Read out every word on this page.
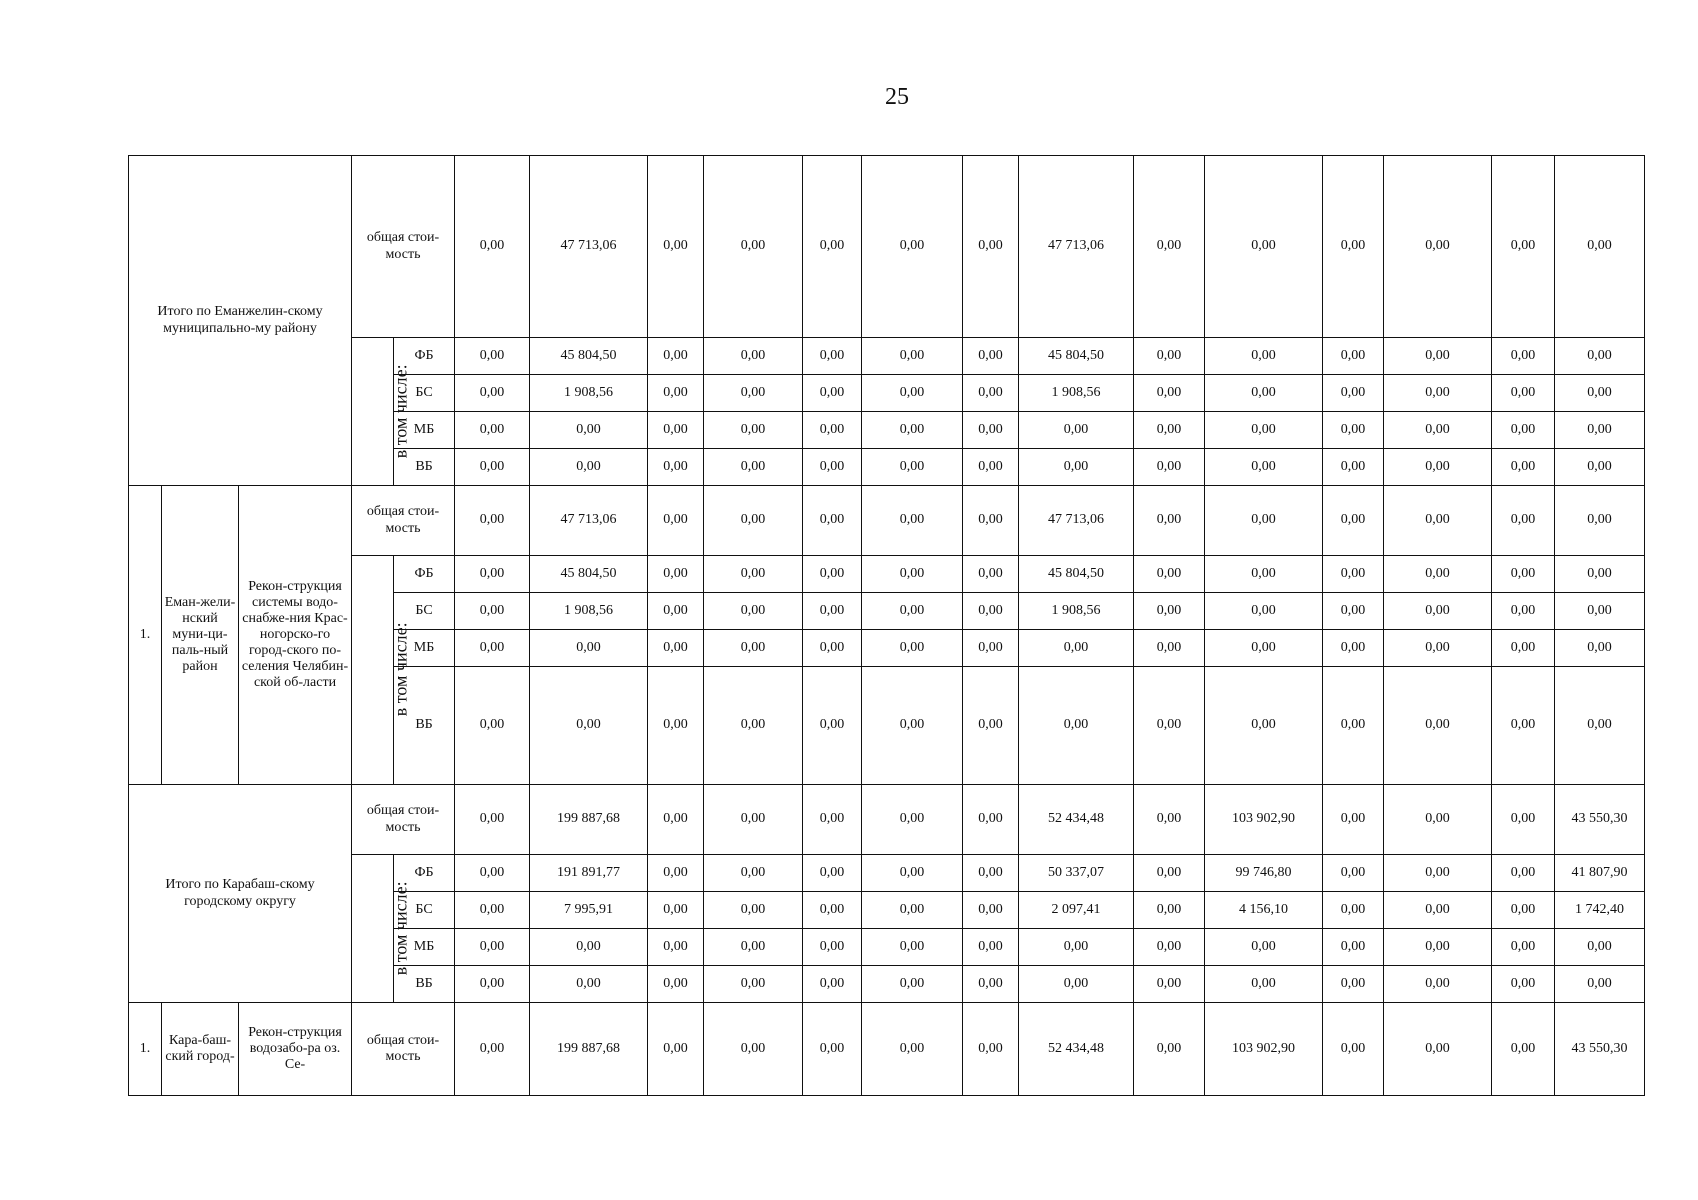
25
Итого по Еманжелин-скому муниципально-му району			общая стои-мость		0,00	47 713,06	0,00	0,00	0,00	0,00	0,00	47 713,06	0,00	0,00	0,00	0,00	0,00	0,00
			в том числе:	ФБ	0,00	45 804,50	0,00	0,00	0,00	0,00	0,00	45 804,50	0,00	0,00	0,00	0,00	0,00	0,00
				БС	0,00	1 908,56	0,00	0,00	0,00	0,00	0,00	1 908,56	0,00	0,00	0,00	0,00	0,00	0,00
				МБ	0,00	0,00	0,00	0,00	0,00	0,00	0,00	0,00	0,00	0,00	0,00	0,00	0,00	0,00
				ВБ	0,00	0,00	0,00	0,00	0,00	0,00	0,00	0,00	0,00	0,00	0,00	0,00	0,00	0,00
1.	Еман-жели-нский муни-ци-паль-ный район	Рекон-струкция системы водо-снабже-ния Крас-ногорско-го город-ского по-селения Челябин-ской об-ласти	общая стои-мость		0,00	47 713,06	0,00	0,00	0,00	0,00	0,00	47 713,06	0,00	0,00	0,00	0,00	0,00	0,00
			в том числе:	ФБ	0,00	45 804,50	0,00	0,00	0,00	0,00	0,00	45 804,50	0,00	0,00	0,00	0,00	0,00	0,00
				БС	0,00	1 908,56	0,00	0,00	0,00	0,00	0,00	1 908,56	0,00	0,00	0,00	0,00	0,00	0,00
				МБ	0,00	0,00	0,00	0,00	0,00	0,00	0,00	0,00	0,00	0,00	0,00	0,00	0,00	0,00
				ВБ	0,00	0,00	0,00	0,00	0,00	0,00	0,00	0,00	0,00	0,00	0,00	0,00	0,00	0,00
Итого по Карабаш-скому городскому округу			общая стои-мость		0,00	199 887,68	0,00	0,00	0,00	0,00	0,00	52 434,48	0,00	103 902,90	0,00	0,00	0,00	43 550,30
			в том числе:	ФБ	0,00	191 891,77	0,00	0,00	0,00	0,00	0,00	50 337,07	0,00	99 746,80	0,00	0,00	0,00	41 807,90
				БС	0,00	7 995,91	0,00	0,00	0,00	0,00	0,00	2 097,41	0,00	4 156,10	0,00	0,00	0,00	1 742,40
				МБ	0,00	0,00	0,00	0,00	0,00	0,00	0,00	0,00	0,00	0,00	0,00	0,00	0,00	0,00
				ВБ	0,00	0,00	0,00	0,00	0,00	0,00	0,00	0,00	0,00	0,00	0,00	0,00	0,00	0,00
1.	Кара-баш-ский город-	Рекон-струкция водозабо-ра оз. Се-	общая стои-мость		0,00	199 887,68	0,00	0,00	0,00	0,00	0,00	52 434,48	0,00	103 902,90	0,00	0,00	0,00	43 550,30
